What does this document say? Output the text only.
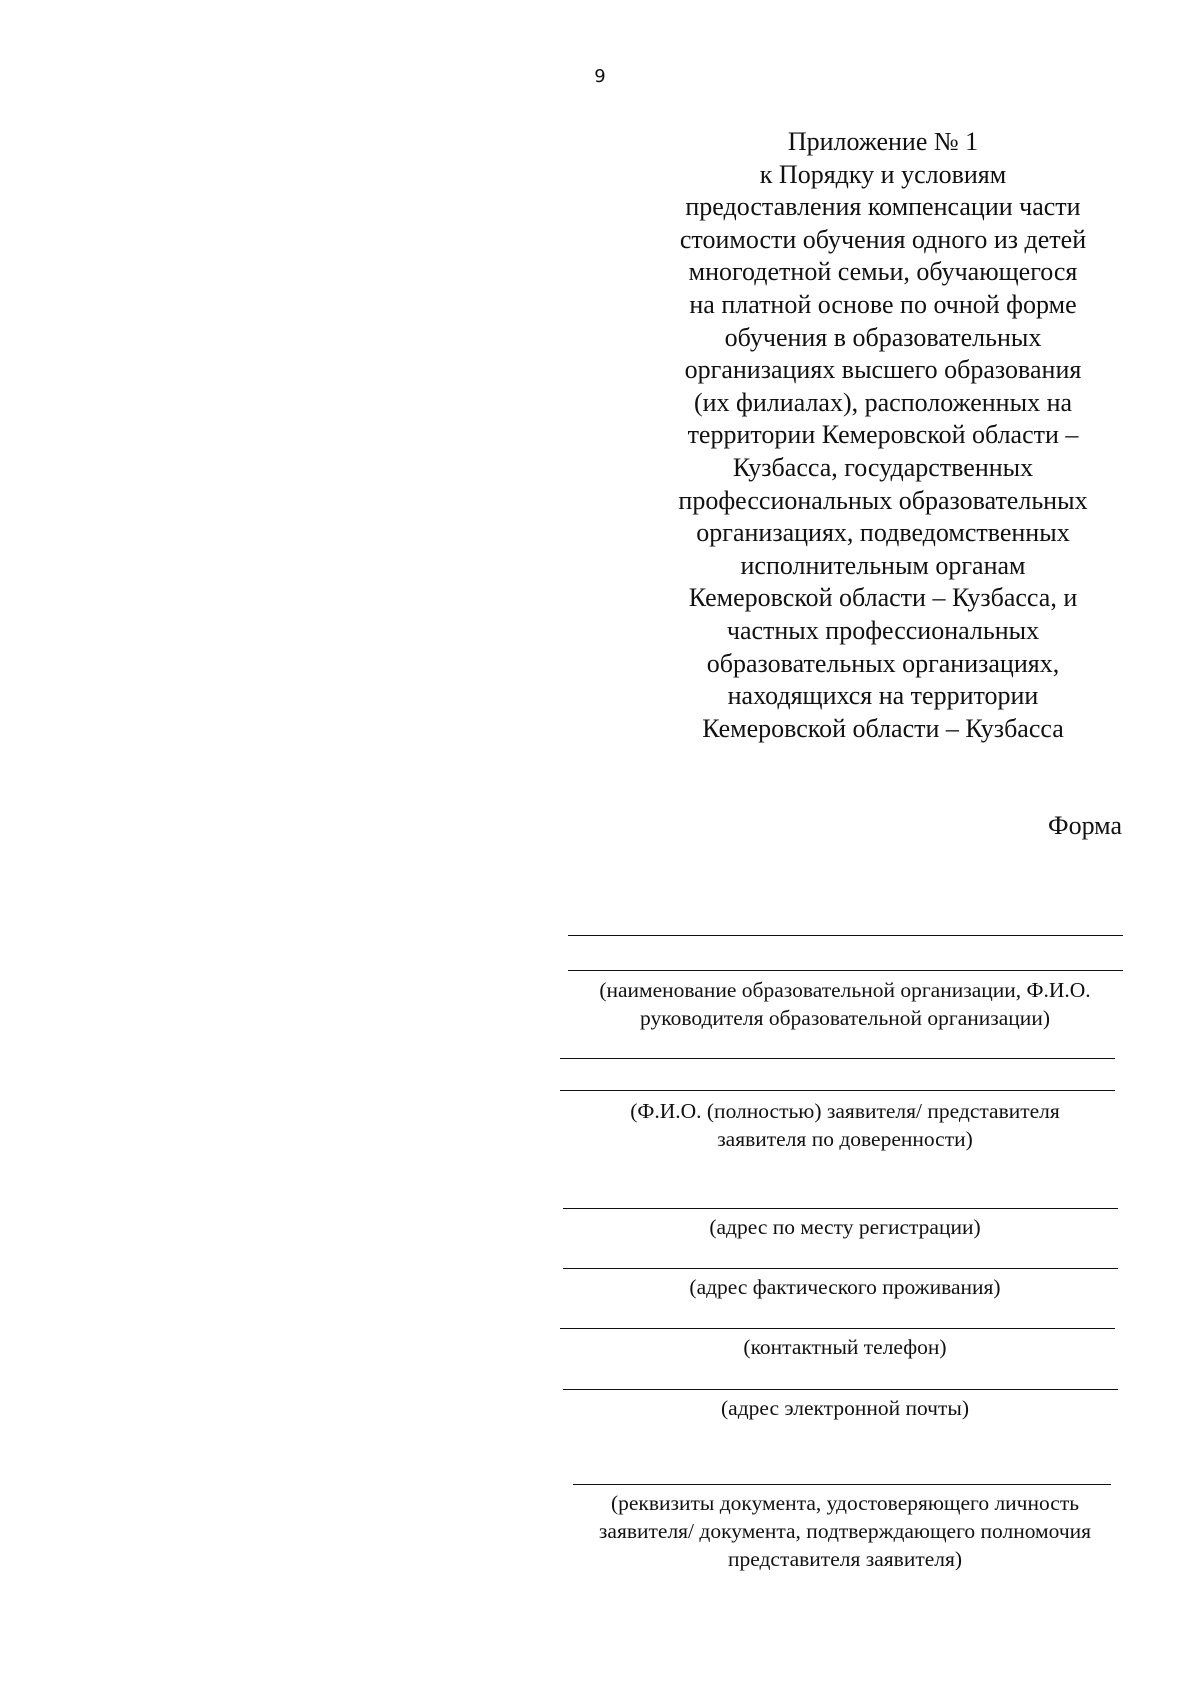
9
Приложение № 1
к Порядку и условиям
предоставления компенсации части
стоимости обучения одного из детей
многодетной семьи, обучающегося
на платной основе по очной форме
обучения в образовательных
организациях высшего образования
(их филиалах), расположенных на
территории Кемеровской области –
Кузбасса, государственных
профессиональных образовательных
организациях, подведомственных
исполнительным органам
Кемеровской области – Кузбасса, и
частных профессиональных
образовательных организациях,
находящихся на территории
Кемеровской области – Кузбасса
Форма
(наименование образовательной организации, Ф.И.О.
руководителя образовательной организации)
(Ф.И.О. (полностью) заявителя/ представителя
заявителя по доверенности)
(адрес по месту регистрации)
(адрес фактического проживания)
(контактный телефон)
(адрес электронной почты)
(реквизиты документа, удостоверяющего личность
заявителя/ документа, подтверждающего полномочия
представителя заявителя)
